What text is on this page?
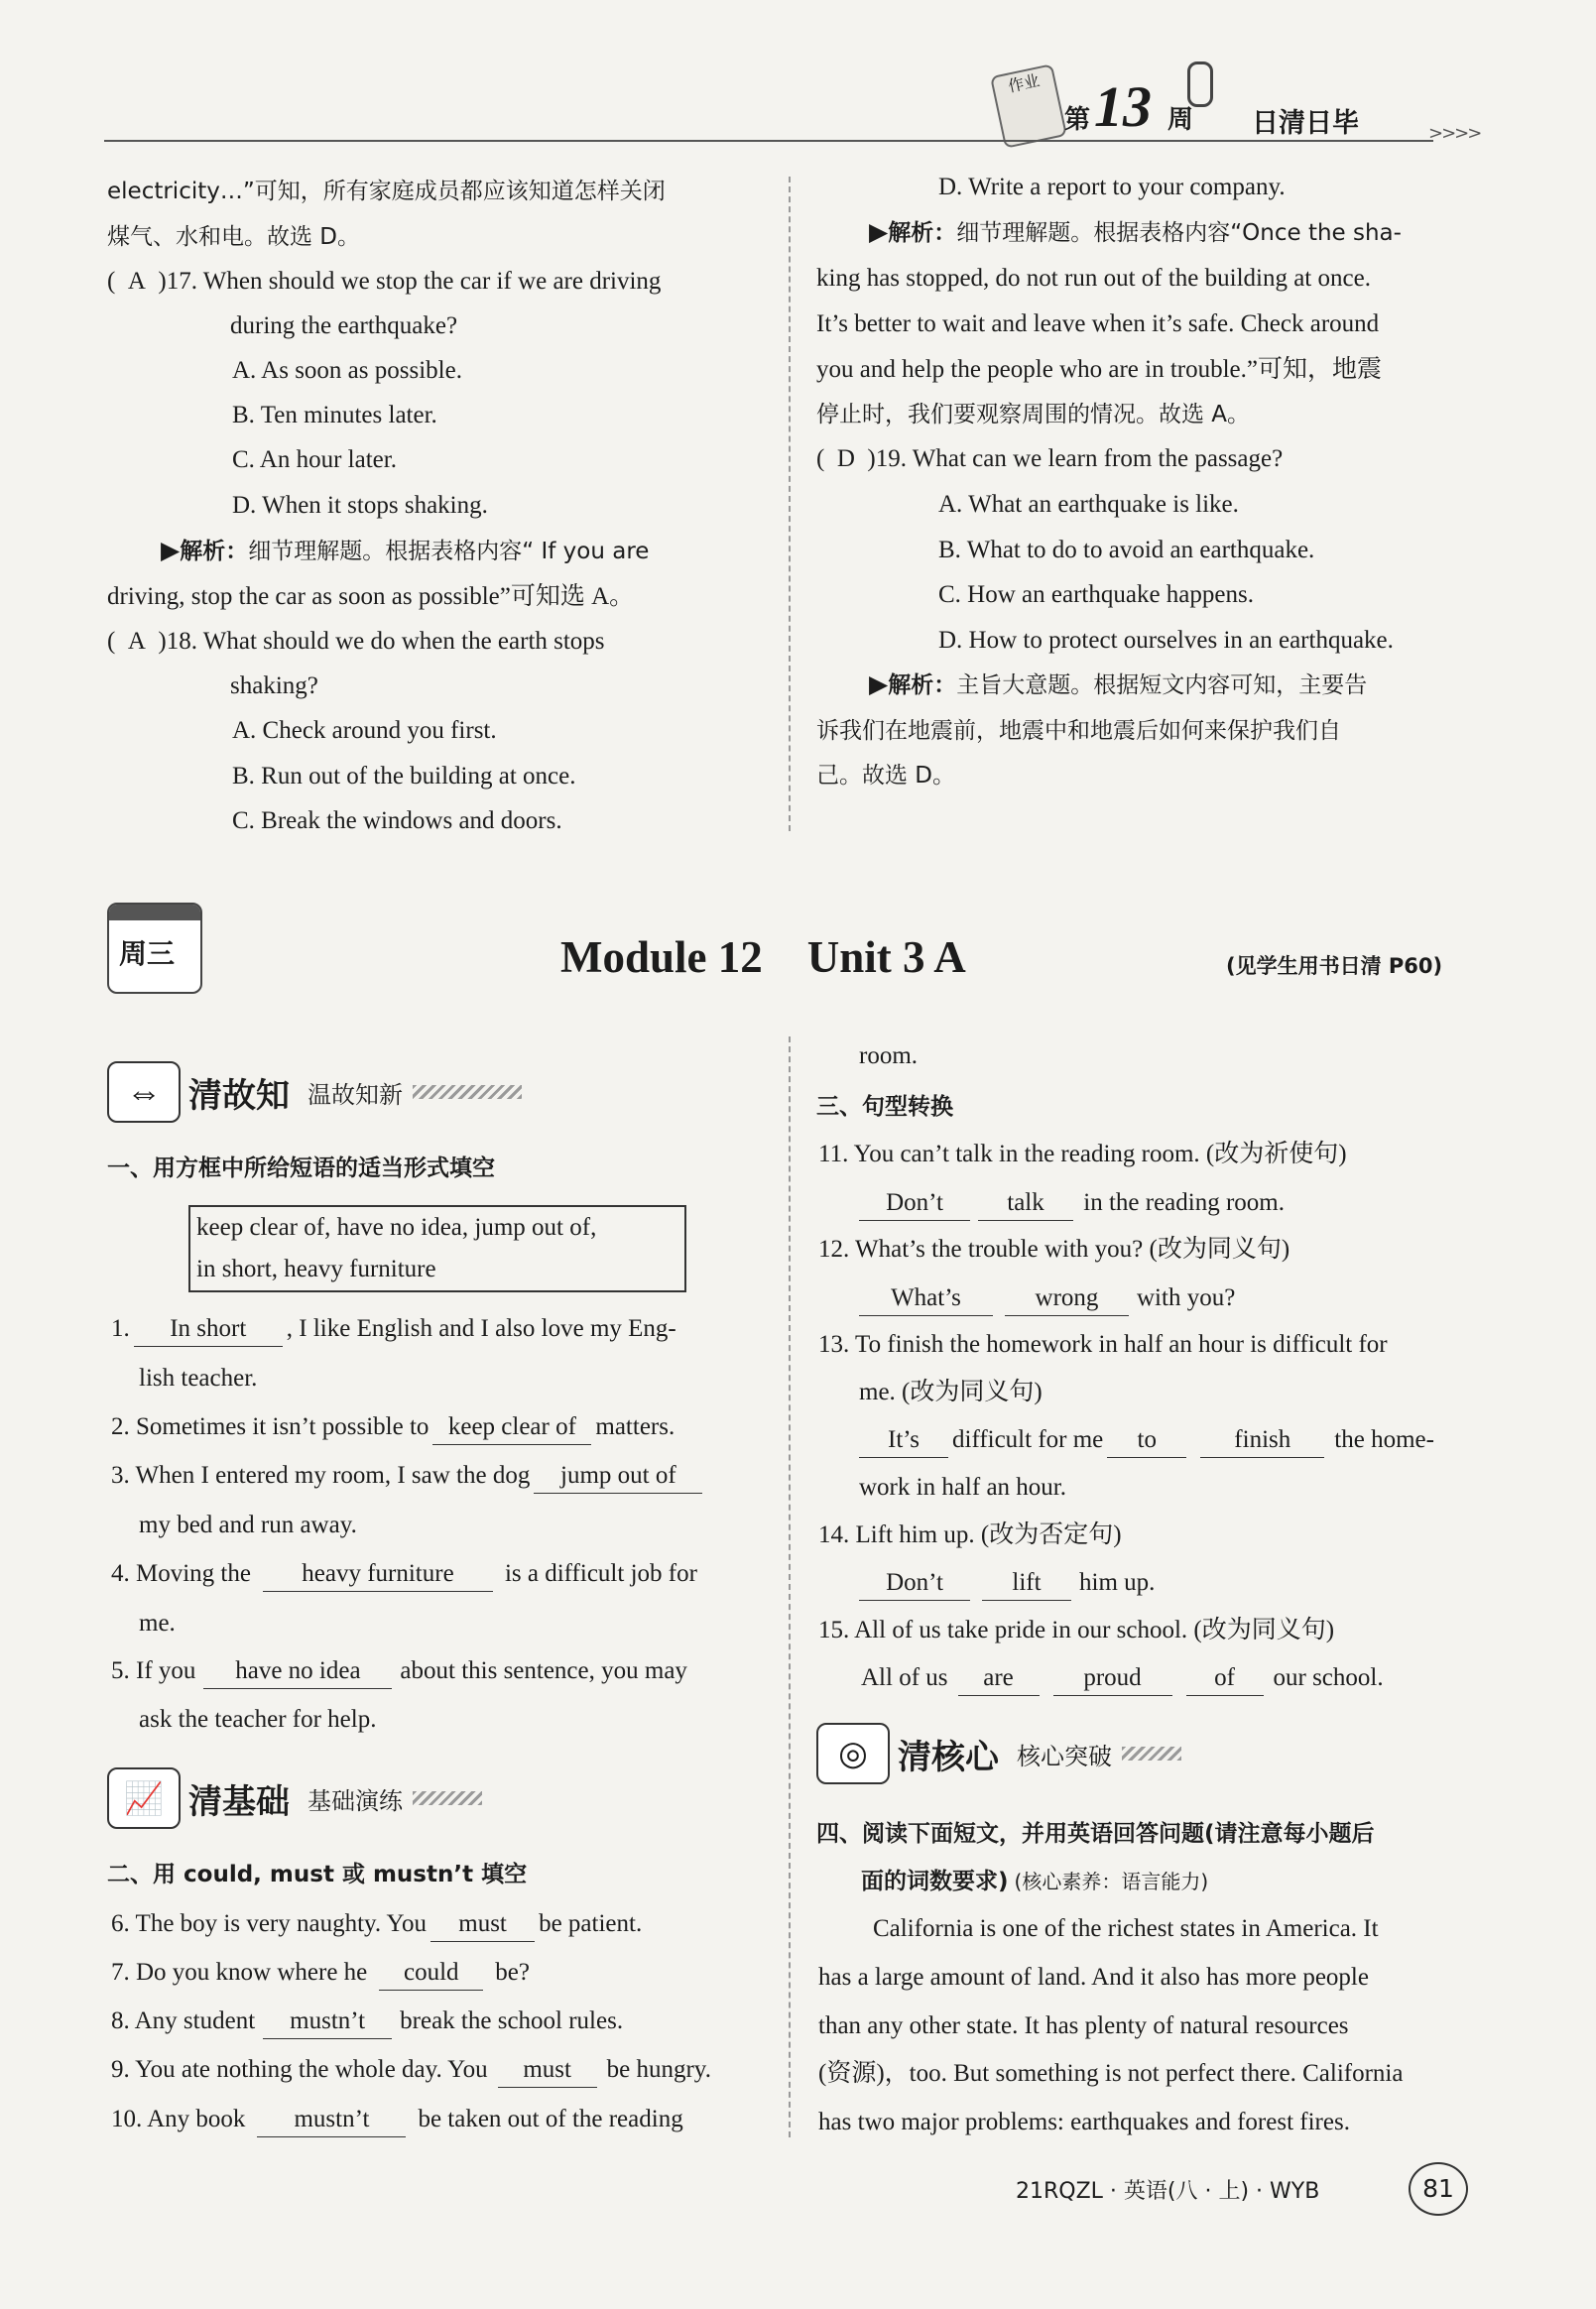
作业
第 13 周 日清日毕	>>>>
electricity…”可知，所有家庭成员都应该知道怎样关闭
煤气、水和电。故选 D。
(  A )17. When should we stop the car if we are driving
during the earthquake?
A. As soon as possible.
B. Ten minutes later.
C. An hour later.
D. When it stops shaking.
▶解析：细节理解题。根据表格内容“ If you are
driving, stop the car as soon as possible”可知选 A。
(  A )18. What should we do when the earth stops
shaking?
A. Check around you first.
B. Run out of the building at once.
C. Break the windows and doors.
D. Write a report to your company.
▶解析：细节理解题。根据表格内容“Once the sha-
king has stopped, do not run out of the building at once.
It’s better to wait and leave when it’s safe. Check around
you and help the people who are in trouble.”可知，地震
停止时，我们要观察周围的情况。故选 A。
(  D )19. What can we learn from the passage?
A. What an earthquake is like.
B. What to do to avoid an earthquake.
C. How an earthquake happens.
D. How to protect ourselves in an earthquake.
▶解析：主旨大意题。根据短文内容可知，主要告
诉我们在地震前，地震中和地震后如何来保护我们自
己。故选 D。
周三	Module 12　Unit 3 A	(见学生用书日清 P60)
⇔ 清故知 温故知新
一、用方框中所给短语的适当形式填空
keep clear of, have no idea, jump out of,
in short, heavy furniture
1. In short , I like English and I also love my Eng-
lish teacher.
2. Sometimes it isn’t possible to keep clear of matters.
3. When I entered my room, I saw the dog jump out of
my bed and run away.
4. Moving the heavy furniture is a difficult job for
me.
5. If you have no idea about this sentence, you may
ask the teacher for help.
📈 清基础 基础演练
二、用 could, must 或 mustn’t 填空
6. The boy is very naughty. You must be patient.
7. Do you know where he could be?
8. Any student mustn’t break the school rules.
9. You ate nothing the whole day. You must be hungry.
10. Any book mustn’t be taken out of the reading
room.
三、句型转换
11. You can’t talk in the reading room. (改为祈使句)
Don’t	talk in the reading room.
12. What’s the trouble with you? (改为同义句)
What’s	wrong with you?
13. To finish the homework in half an hour is difficult for
me. (改为同义句)
It’s difficult for me to	finish the home-
work in half an hour.
14. Lift him up. (改为否定句)
Don’t	lift him up.
15. All of us take pride in our school. (改为同义句)
All of us are	proud	of our school.
◎ 清核心 核心突破
四、阅读下面短文，并用英语回答问题(请注意每小题后
面的词数要求) (核心素养：语言能力)
California is one of the richest states in America. It
has a large amount of land. And it also has more people
than any other state. It has plenty of natural resources
(资源)，too. But something is not perfect there. California
has two major problems: earthquakes and forest fires.
21RQZL · 英语(八 · 上) · WYB	81
